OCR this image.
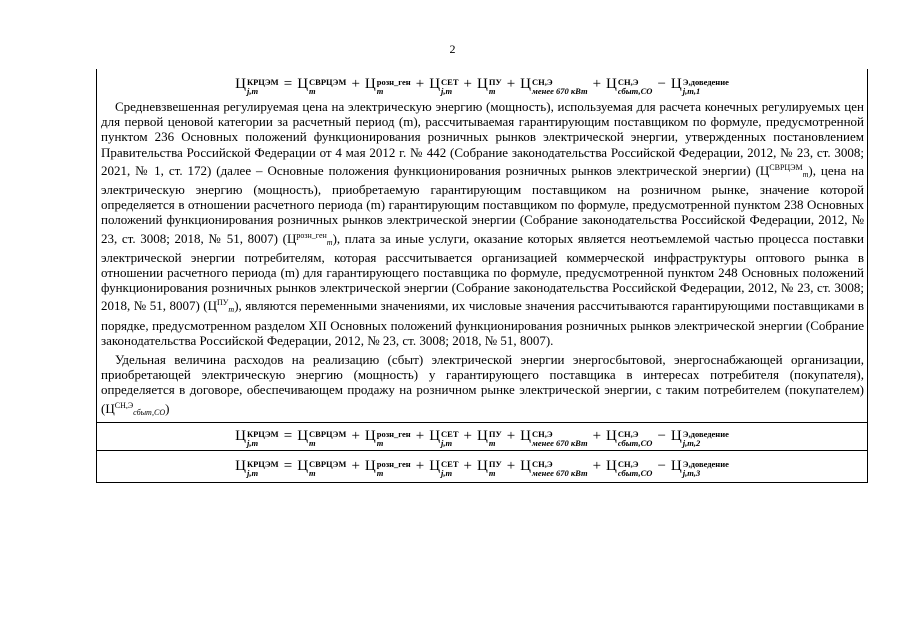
2
Ц КРЦЭМ
j,m	= Ц СВРЦЭМ
m	+ Ц розн_ген
m	+ Ц СЕТ
j,m + Ц ПУ
m + Ц СН,Э
менее 670 кВт + Ц СН,Э
сбыт,СО − Ц Э,доведение
j,m,1

Средневзвешенная регулируемая цена на электрическую энергию (мощность), используемая для расчета конечных регулируемых цен для первой ценовой категории за расчетный период (m), рассчитываемая гарантирующим поставщиком по формуле, предусмотренной пунктом 236 Основных положений функционирования розничных рынков электрической энергии, утвержденных постановлением Правительства Российской Федерации от 4 мая 2012 г. № 442 (Собрание законодательства Российской Федерации, 2012, № 23, ст. 3008; 2021, № 1, ст. 172) (далее – Основные положения функционирования розничных рынков электрической энергии) $(Ц^{СВРЦЭМ}_m)$, цена на электрическую энергию (мощность), приобретаемую гарантирующим поставщиком на розничном рынке, значение которой определяется в отношении расчетного периода (m) гарантирующим поставщиком по формуле, предусмотренной пунктом 238 Основных положений функционирования розничных рынков электрической энергии (Собрание законодательства Российской Федерации, 2012, № 23, ст. 3008; 2018, № 51, 8007) $(Ц^{розн\_ген}_m)$, плата за иные услуги, оказание которых является неотъемлемой частью процесса поставки электрической энергии потребителям, которая рассчитывается организацией коммерческой инфраструктуры оптового рынка в отношении расчетного периода (m) для гарантирующего поставщика по формуле, предусмотренной пунктом 248 Основных положений функционирования розничных рынков электрической энергии (Собрание законодательства Российской Федерации, 2012, № 23, ст. 3008; 2018, № 51, 8007) $(Ц^{ПУ}_m)$, являются переменными значениями, их числовые значения рассчитываются гарантирующими поставщиками в порядке, предусмотренном разделом XII Основных положений функционирования розничных рынков электрической энергии (Собрание законодательства Российской Федерации, 2012, № 23, ст. 3008; 2018, № 51, 8007).

Удельная величина расходов на реализацию (сбыт) электрической энергии энергосбытовой, энергоснабжающей организации, приобретающей электрическую энергию (мощность) у гарантирующего поставщика в интересах потребителя (покупателя), определяется в договоре, обеспечивающем продажу на розничном рынке электрической энергии, с таким потребителем (покупателем) $(Ц^{СН,Э}_{сбыт,СО})$

Ц КРЦЭМ
j,m	= Ц СВРЦЭМ
m	+ Ц розн_ген
m	+ Ц СЕТ
j,m + Ц ПУ
m + Ц СН,Э
менее 670 кВт + Ц СН,Э
сбыт,СО − Ц Э,доведение
j,m,2
Ц КРЦЭМ
j,m	= Ц СВРЦЭМ
m	+ Ц розн_ген
m	+ Ц СЕТ
j,m + Ц ПУ
m + Ц СН,Э
менее 670 кВт + Ц СН,Э
сбыт,СО − Ц Э,доведение
j,m,3
